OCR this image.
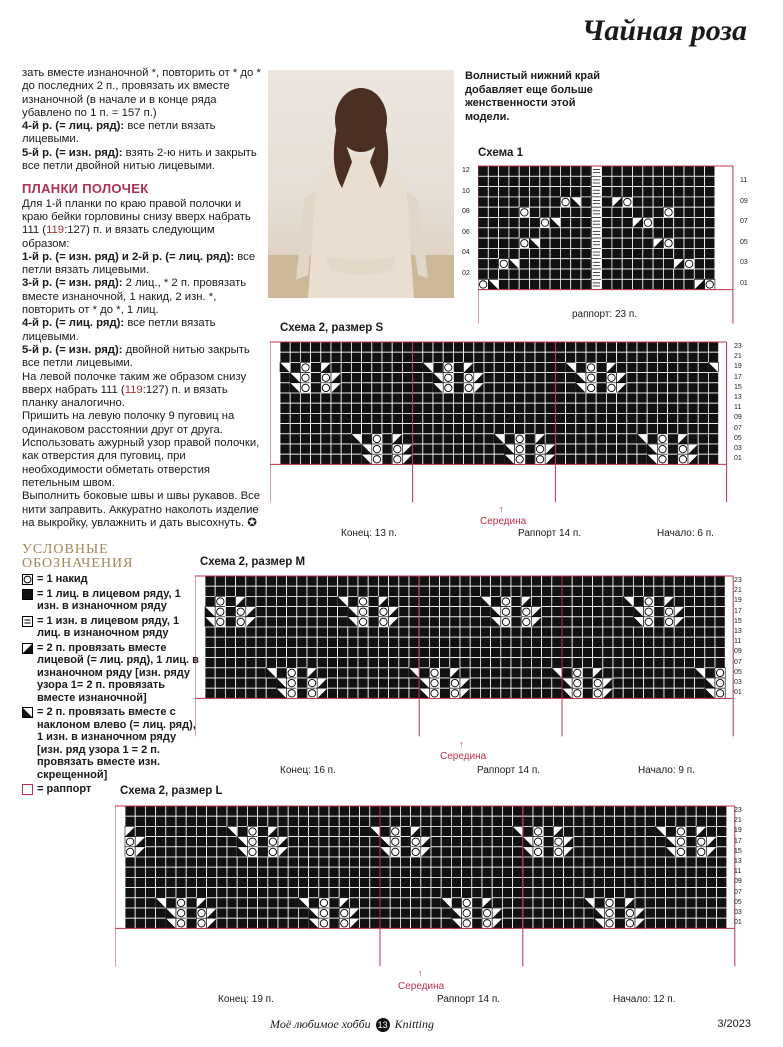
Чайная роза

зать вместе изнаночной *, повторить от * до * до последних 2 п., провязать их вместе изнаночной (в начале и в конце ряда убавлено по 1 п. = 157 п.)

4-й р. (= лиц. ряд): все петли вязать лицевыми.

5-й р. (= изн. ряд): взять 2-ю нить и закрыть все петли двойной нитью лицевыми.

ПЛАНКИ ПОЛОЧЕК

Для 1-й планки по краю правой полочки и краю бейки горловины снизу вверх набрать 111 (119:127) п. и вязать следующим образом:

1-й р. (= изн. ряд) и 2-й р. (= лиц. ряд): все петли вязать лицевыми.

3-й р. (= изн. ряд): 2 лиц., * 2 п. провязать вместе изнаночной, 1 накид, 2 изн. *, повторить от * до *, 1 лиц.

4-й р. (= лиц. ряд): все петли вязать лицевыми.

5-й р. (= изн. ряд): двойной нитью закрыть все петли лицевыми.

На левой полочке таким же образом снизу вверх набрать 111 (119:127) п. и вязать планку аналогично.

Пришить на левую полочку 9 пуговиц на одинаковом расстоянии друг от друга.

Использовать ажурный узор правой полочки, как отверстия для пуговиц, при необходимости обметать отверстия петельным швом.

Выполнить боковые швы и швы рукавов. Все нити заправить. Аккуратно наколоть изделие на выкройку, увлажнить и дать высохнуть. ✪

Волнистый нижний край добавляет еще больше женственности этой модели.
Схема 1
12
10
08
06
04
02
11
09
07
05
03
01
раппорт: 23 п.
Схема 2, размер S
23
21
19
17
15
13
11
09
07
05
03
01
Конец: 13 п.	Раппорт 14 п.	Начало: 6 п.
Середина
Схема 2, размер M
23
21
19
17
15
13
11
09
07
05
03
01
Конец: 16 п.	Раппорт 14 п.	Начало: 9 п.
Середина
Схема 2, размер L
23
21
19
17
15
13
11
09
07
05
03
01
Конец: 19 п.	Раппорт 14 п.	Начало: 12 п.
Середина
УСЛОВНЫЕ
ОБОЗНАЧЕНИЯ
= 1 накид
= 1 лиц. в лицевом ряду, 1 изн. в изнаночном ряду
= 1 изн. в лицевом ряду, 1 лиц. в изнаночном ряду
= 2 п. провязать вместе лицевой (= лиц. ряд), 1 лиц. в изнаночном ряду [изн. ряду узора 1= 2 п. провязать вместе изнаночной]
= 2 п. провязать вместе с наклоном влево (= лиц. ряд), 1 изн. в изнаночном ряду [изн. ряд узора 1 = 2 п. провязать вместе изн. скрещенной]
= раппорт
Моё любимое хобби 13 Knitting	3/2023
↑
↑
↑
